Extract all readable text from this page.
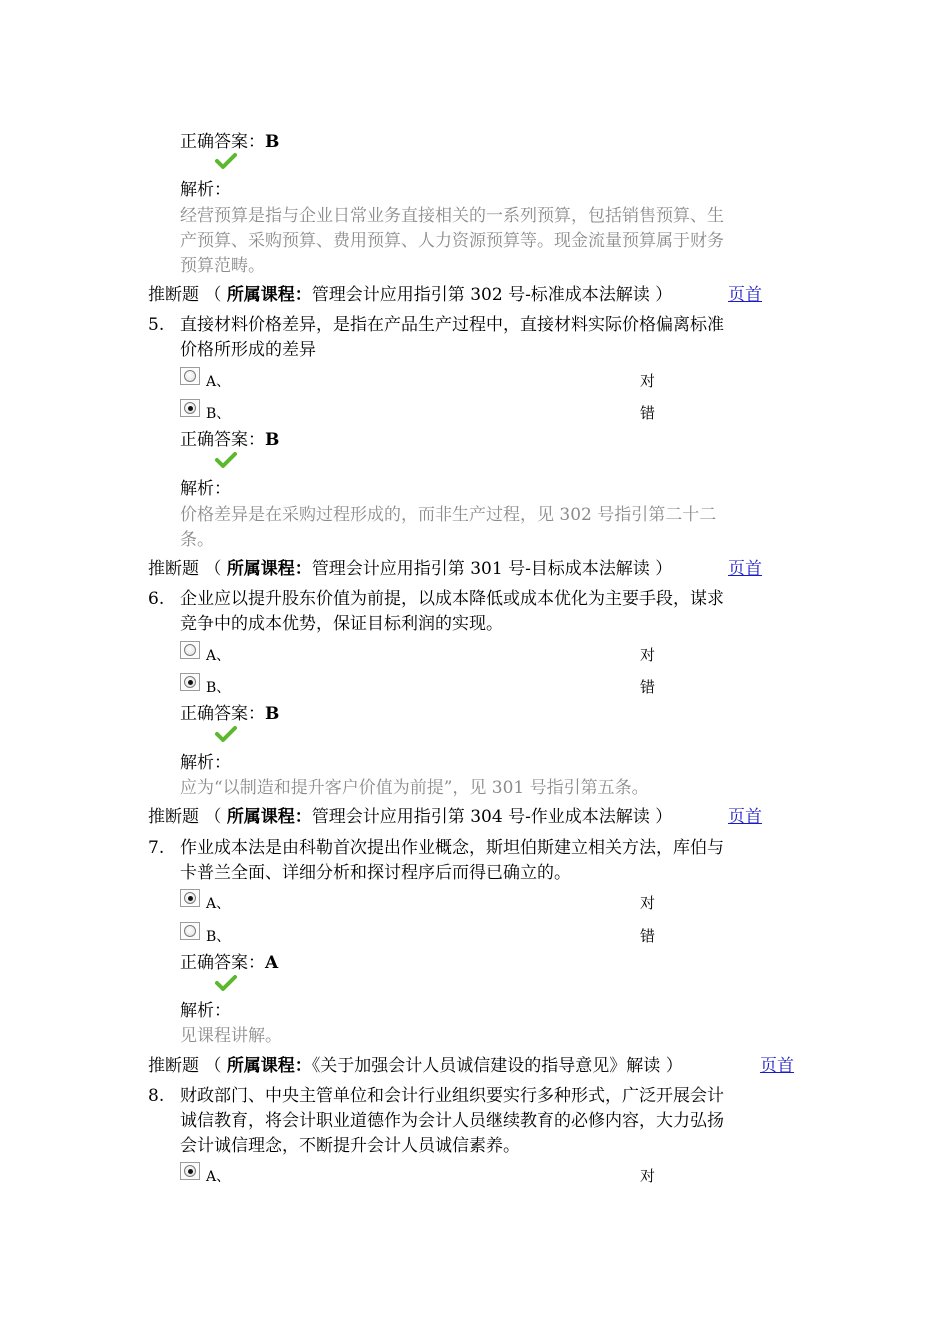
正确答案：B
解析：
经营预算是指与企业日常业务直接相关的一系列预算，包括销售预算、生
产预算、采购预算、费用预算、人力资源预算等。现金流量预算属于财务
预算范畴。
推断题 （ 所属课程：管理会计应用指引第 302 号-标准成本法解读 ）	页首
5. 直接材料价格差异，是指在产品生产过程中，直接材料实际价格偏离标准
价格所形成的差异
A、	对
B、	错
正确答案：B
解析：
价格差异是在采购过程形成的，而非生产过程，见 302 号指引第二十二
条。
推断题 （ 所属课程：管理会计应用指引第 301 号-目标成本法解读 ）	页首
6. 企业应以提升股东价值为前提，以成本降低或成本优化为主要手段，谋求
竞争中的成本优势，保证目标利润的实现。
A、	对
B、	错
正确答案：B
解析：
应为“以制造和提升客户价值为前提”，见 301 号指引第五条。
推断题 （ 所属课程：管理会计应用指引第 304 号-作业成本法解读 ）	页首
7. 作业成本法是由科勒首次提出作业概念，斯坦伯斯建立相关方法，库伯与
卡普兰全面、详细分析和探讨程序后而得已确立的。
A、	对
B、	错
正确答案：A
解析：
见课程讲解。
推断题 （ 所属课程：《关于加强会计人员诚信建设的指导意见》解读 ）	页首
8. 财政部门、中央主管单位和会计行业组织要实行多种形式，广泛开展会计
诚信教育，将会计职业道德作为会计人员继续教育的必修内容，大力弘扬
会计诚信理念，不断提升会计人员诚信素养。
A、	对
